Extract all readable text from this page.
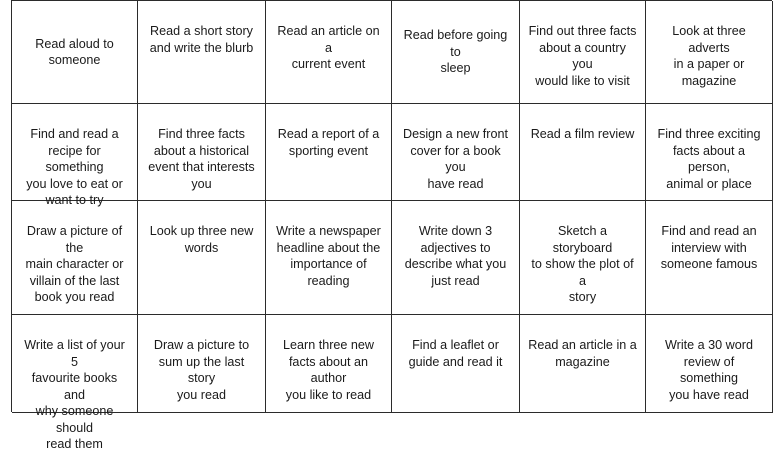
Read aloud to
someone
Read a short story
and write the blurb
Read an article on a
current event
Read before going to
sleep
Find out three facts
about a country you
would like to visit
Look at three adverts
in a paper or
magazine
Find and read a
recipe for something
you love to eat or
want to try
Find three facts
about a historical
event that interests
you
Read a report of a
sporting event
Design a new front
cover for a book you
have read
Read a film review Find three exciting
facts about a person,
animal or place
Draw a picture of the
main character or
villain of the last
book you read
Look up three new
words
Write a newspaper
headline about the
importance of
reading
Write down 3
adjectives to
describe what you
just read
Sketch a storyboard
to show the plot of a
story
Find and read an
interview with
someone famous
Write a list of your 5
favourite books and
why someone should
read them
Draw a picture to
sum up the last story
you read
Learn three new
facts about an author
you like to read
Find a leaflet or
guide and read it
Read an article in a
magazine
Write a 30 word
review of something
you have read
